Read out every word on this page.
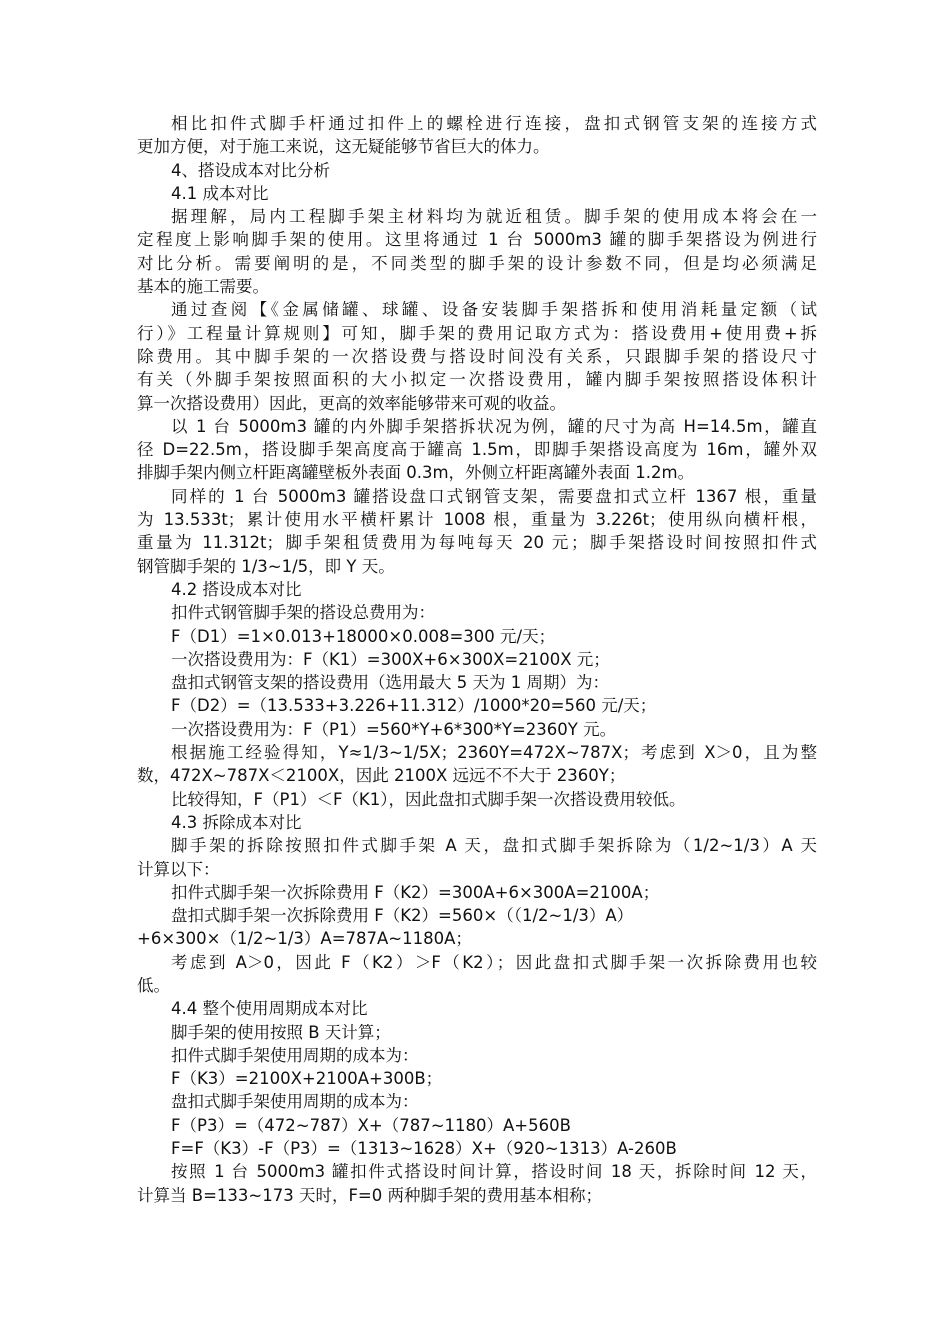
相比扣件式脚手杆通过扣件上的螺栓进行连接，盘扣式钢管支架的连接方式
更加方便，对于施工来说，这无疑能够节省巨大的体力。
4、搭设成本对比分析
4.1 成本对比
据理解，局内工程脚手架主材料均为就近租赁。脚手架的使用成本将会在一
定程度上影响脚手架的使用。这里将通过 1 台 5000m3 罐的脚手架搭设为例进行
对比分析。需要阐明的是，不同类型的脚手架的设计参数不同，但是均必须满足
基本的施工需要。
通过查阅【《金属储罐、球罐、设备安装脚手架搭拆和使用消耗量定额（试
行）》工程量计算规则】可知，脚手架的费用记取方式为：搭设费用+使用费+拆
除费用。其中脚手架的一次搭设费与搭设时间没有关系，只跟脚手架的搭设尺寸
有关（外脚手架按照面积的大小拟定一次搭设费用，罐内脚手架按照搭设体积计
算一次搭设费用）因此，更高的效率能够带来可观的收益。
以 1 台 5000m3 罐的内外脚手架搭拆状况为例，罐的尺寸为高 H=14.5m，罐直
径 D=22.5m，搭设脚手架高度高于罐高 1.5m，即脚手架搭设高度为 16m，罐外双
排脚手架内侧立杆距离罐壁板外表面 0.3m，外侧立杆距离罐外表面 1.2m。
同样的 1 台 5000m3 罐搭设盘口式钢管支架，需要盘扣式立杆 1367 根，重量
为 13.533t；累计使用水平横杆累计 1008 根，重量为 3.226t；使用纵向横杆根，
重量为 11.312t；脚手架租赁费用为每吨每天 20 元；脚手架搭设时间按照扣件式
钢管脚手架的 1/3~1/5，即 Y 天。
4.2 搭设成本对比
扣件式钢管脚手架的搭设总费用为：
F（D1）=1×0.013+18000×0.008=300 元/天；
一次搭设费用为：F（K1）=300X+6×300X=2100X 元；
盘扣式钢管支架的搭设费用（选用最大 5 天为 1 周期）为：
F（D2）=（13.533+3.226+11.312）/1000*20=560 元/天；
一次搭设费用为：F（P1）=560*Y+6*300*Y=2360Y 元。
根据施工经验得知，Y≈1/3~1/5X；2360Y=472X~787X；考虑到 X＞0，且为整
数，472X~787X＜2100X，因此 2100X 远远不不大于 2360Y；
比较得知，F（P1）＜F（K1），因此盘扣式脚手架一次搭设费用较低。
4.3 拆除成本对比
脚手架的拆除按照扣件式脚手架 A 天，盘扣式脚手架拆除为（1/2~1/3）A 天
计算以下：
扣件式脚手架一次拆除费用 F（K2）=300A+6×300A=2100A；
盘扣式脚手架一次拆除费用 F（K2）=560×（（1/2~1/3）A）
+6×300×（1/2~1/3）A=787A~1180A；
考虑到 A＞0，因此 F（K2）＞F（K2）；因此盘扣式脚手架一次拆除费用也较
低。
4.4 整个使用周期成本对比
脚手架的使用按照 B 天计算；
扣件式脚手架使用周期的成本为：
F（K3）=2100X+2100A+300B；
盘扣式脚手架使用周期的成本为：
F（P3）=（472~787）X+（787~1180）A+560B
F=F（K3）-F（P3）=（1313~1628）X+（920~1313）A-260B
按照 1 台 5000m3 罐扣件式搭设时间计算，搭设时间 18 天，拆除时间 12 天，
计算当 B=133~173 天时，F=0 两种脚手架的费用基本相称；
